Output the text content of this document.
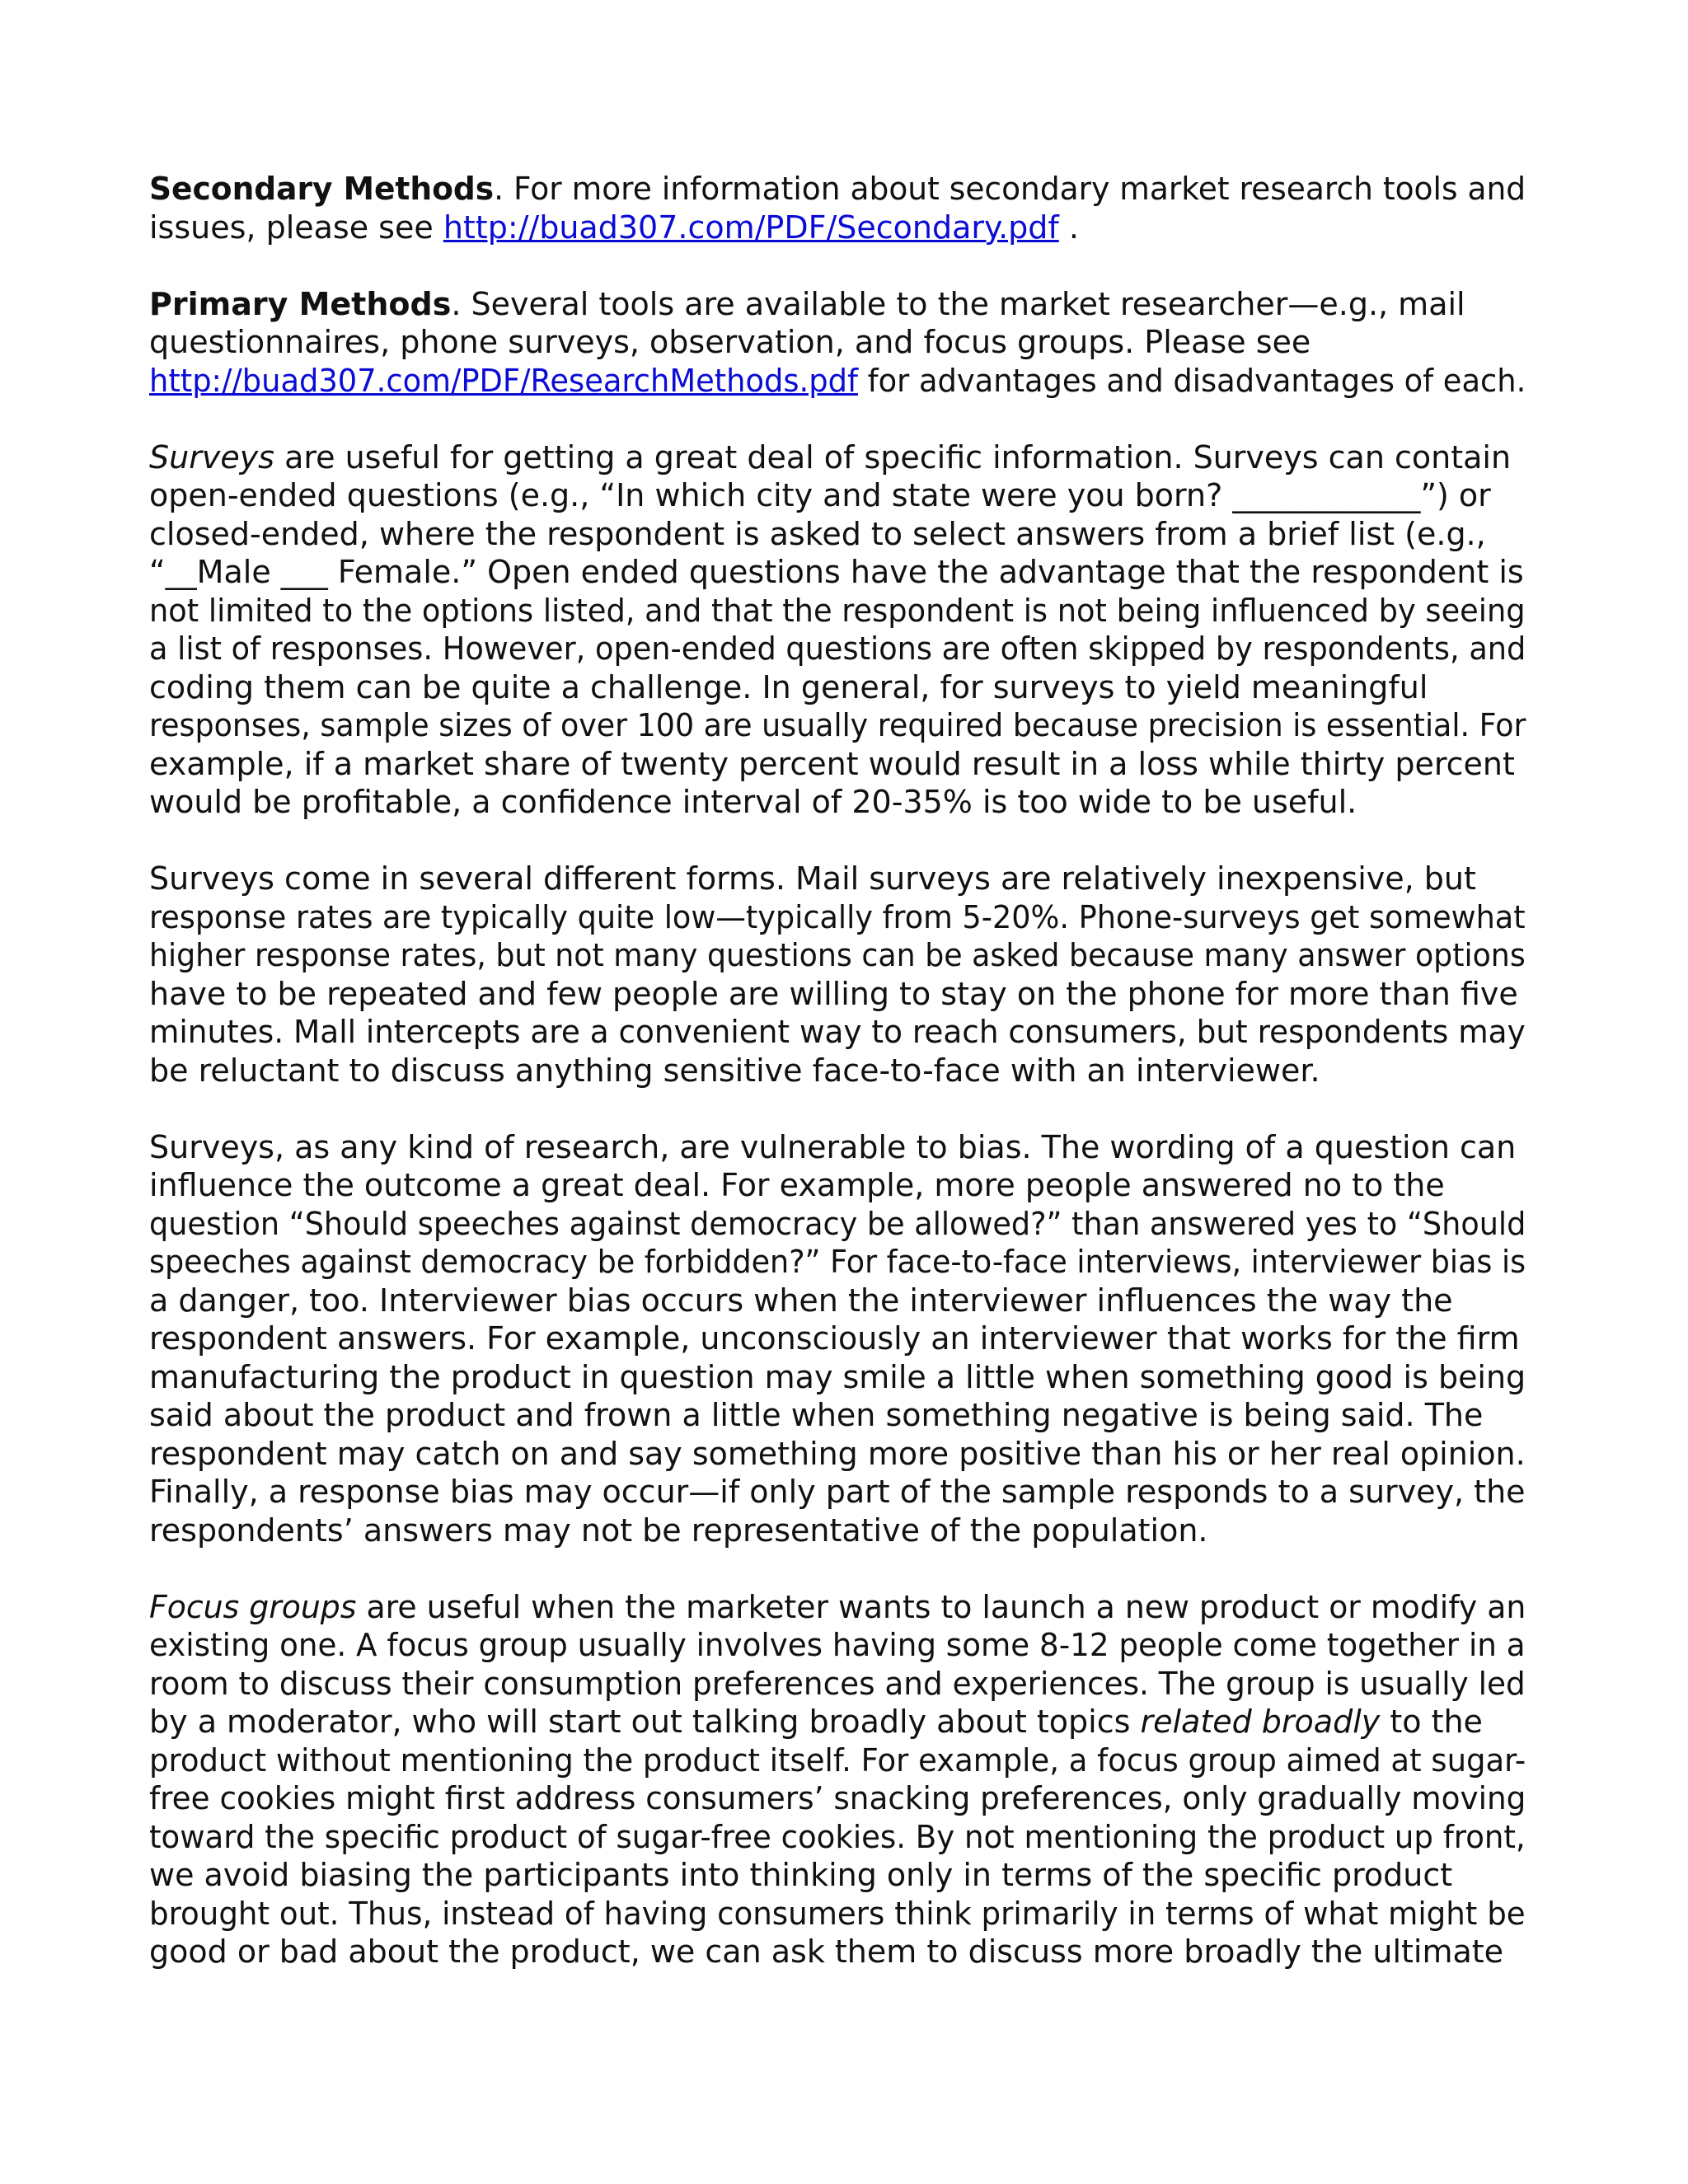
Secondary Methods. For more information about secondary market research tools and
issues, please see http://buad307.com/PDF/Secondary.pdf .
Primary Methods. Several tools are available to the market researcher—e.g., mail
questionnaires, phone surveys, observation, and focus groups. Please see
http://buad307.com/PDF/ResearchMethods.pdf for advantages and disadvantages of each.
Surveys are useful for getting a great deal of specific information. Surveys can contain
open-ended questions (e.g., “In which city and state were you born? ____________”) or
closed-ended, where the respondent is asked to select answers from a brief list (e.g.,
“__Male ___ Female.” Open ended questions have the advantage that the respondent is
not limited to the options listed, and that the respondent is not being influenced by seeing
a list of responses. However, open-ended questions are often skipped by respondents, and
coding them can be quite a challenge. In general, for surveys to yield meaningful
responses, sample sizes of over 100 are usually required because precision is essential. For
example, if a market share of twenty percent would result in a loss while thirty percent
would be profitable, a confidence interval of 20-35% is too wide to be useful.
Surveys come in several different forms. Mail surveys are relatively inexpensive, but
response rates are typically quite low—typically from 5-20%. Phone-surveys get somewhat
higher response rates, but not many questions can be asked because many answer options
have to be repeated and few people are willing to stay on the phone for more than five
minutes. Mall intercepts are a convenient way to reach consumers, but respondents may
be reluctant to discuss anything sensitive face-to-face with an interviewer.
Surveys, as any kind of research, are vulnerable to bias. The wording of a question can
influence the outcome a great deal. For example, more people answered no to the
question “Should speeches against democracy be allowed?” than answered yes to “Should
speeches against democracy be forbidden?” For face-to-face interviews, interviewer bias is
a danger, too. Interviewer bias occurs when the interviewer influences the way the
respondent answers. For example, unconsciously an interviewer that works for the firm
manufacturing the product in question may smile a little when something good is being
said about the product and frown a little when something negative is being said. The
respondent may catch on and say something more positive than his or her real opinion.
Finally, a response bias may occur—if only part of the sample responds to a survey, the
respondents’ answers may not be representative of the population.
Focus groups are useful when the marketer wants to launch a new product or modify an
existing one. A focus group usually involves having some 8-12 people come together in a
room to discuss their consumption preferences and experiences. The group is usually led
by a moderator, who will start out talking broadly about topics related broadly to the
product without mentioning the product itself. For example, a focus group aimed at sugar-
free cookies might first address consumers’ snacking preferences, only gradually moving
toward the specific product of sugar-free cookies. By not mentioning the product up front,
we avoid biasing the participants into thinking only in terms of the specific product
brought out. Thus, instead of having consumers think primarily in terms of what might be
good or bad about the product, we can ask them to discuss more broadly the ultimate
